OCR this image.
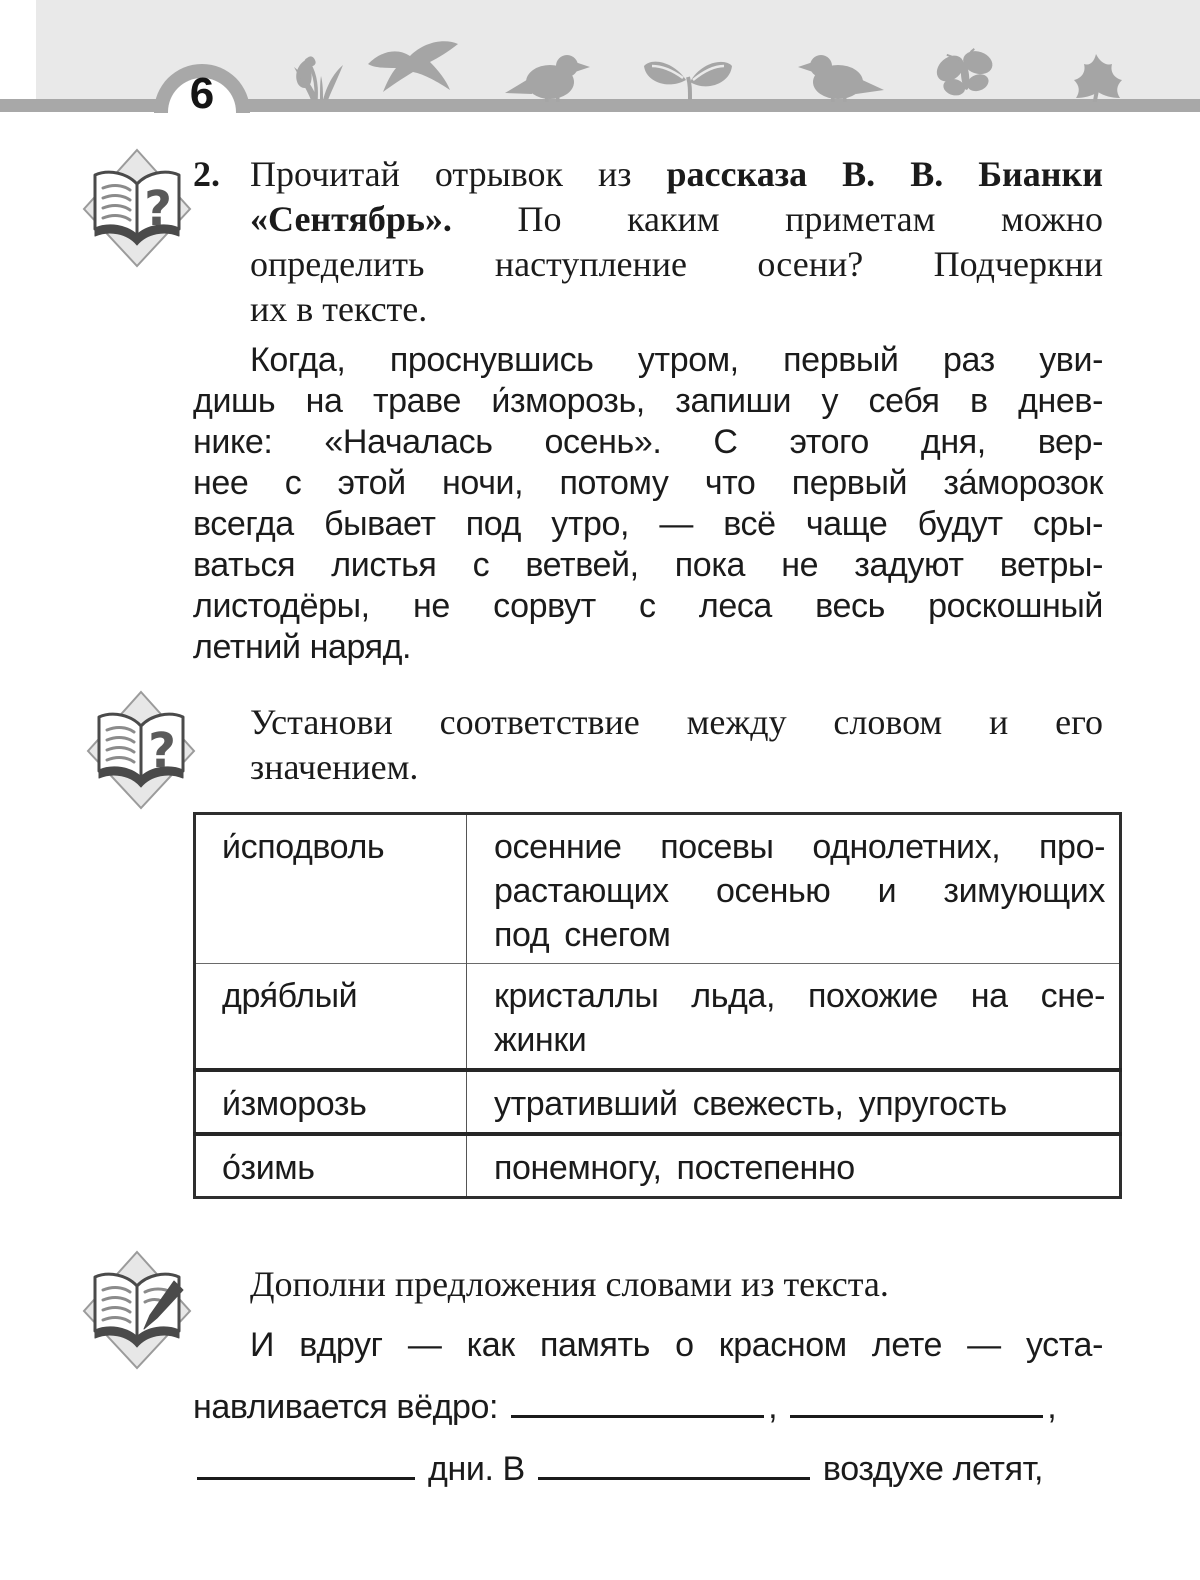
6
?
2. Прочитай отрывок из рассказа В. В. Бианки
«Сентябрь». По каким приметам можно
определить наступление осени? Подчеркни
их в тексте.
Когда, проснувшись утром, первый раз уви-
дишь на траве и́зморозь, запиши у себя в днев-
нике: «Началась осень». С этого дня, вер-
нее с этой ночи, потому что первый за́морозок
всегда бывает под утро, — всё чаще будут сры-
ваться листья с ветвей, пока не задуют ветры-
листодёры, не сорвут с леса весь роскошный
летний наряд.
?
Установи соответствие между словом и его
значением.
и́сподволь	осенние посевы однолетних, про-
растающих осенью и зимующих
под снегом

дря́блый	кристаллы льда, похожие на сне-
жинки

и́зморозь	утративший свежесть, упругость

о́зимь	понемногу, постепенно
Дополни предложения словами из текста.
И вдруг — как память о красном лете — уста-
навливается вёдро:	,	,
дни. В	воздухе летят,
